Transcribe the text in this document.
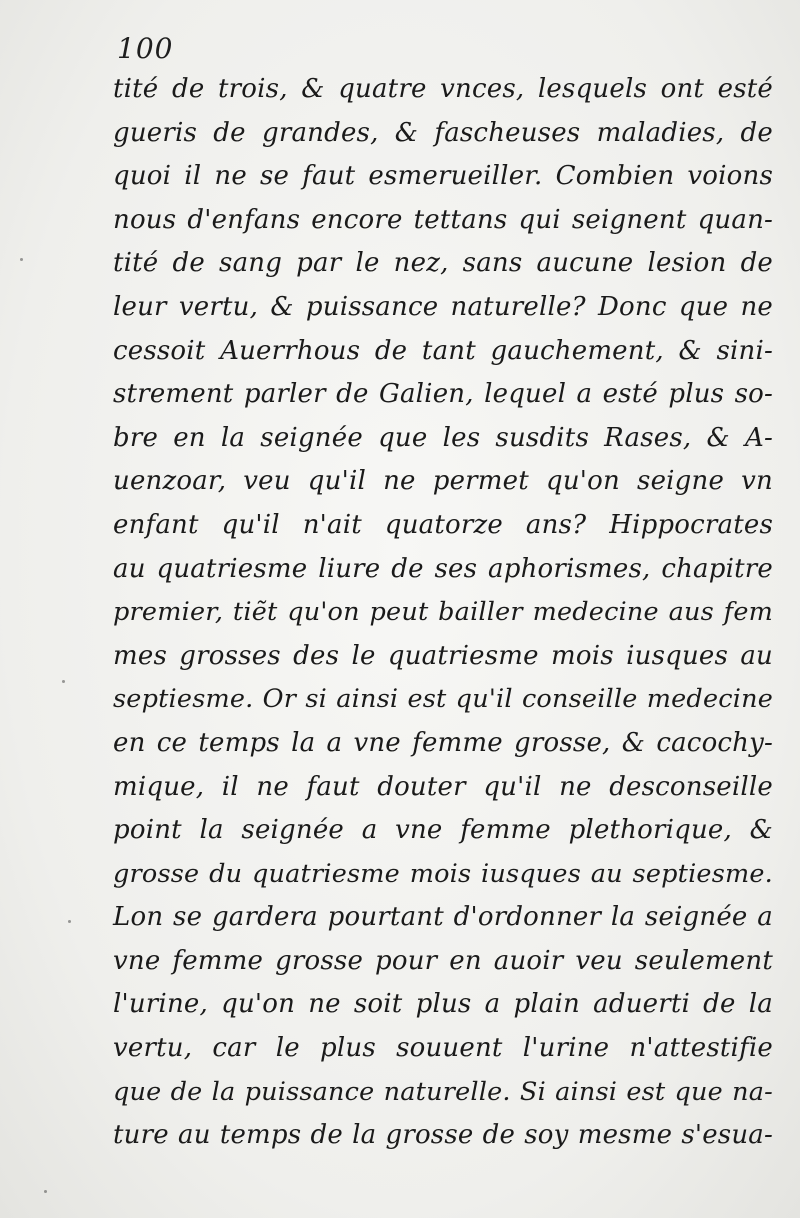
100
tité de trois, & quatre vnces, lesquels ont esté
gueris de grandes, & fascheuses maladies, de
quoi il ne se faut esmerueiller. Combien voions
nous d'enfans encore tettans qui seignent quan-
tité de sang par le nez, sans aucune lesion de
leur vertu, & puissance naturelle? Donc que ne
cessoit Auerrhous de tant gauchement, & sini-
strement parler de Galien, lequel a esté plus so-
bre en la seignée que les susdits Rases, & A-
uenzoar, veu qu'il ne permet qu'on seigne vn
enfant qu'il n'ait quatorze ans? Hippocrates
au quatriesme liure de ses aphorismes, chapitre
premier, tiẽt qu'on peut bailler medecine aus fem
mes grosses des le quatriesme mois iusques au
septiesme. Or si ainsi est qu'il conseille medecine
en ce temps la a vne femme grosse, & cacochy-
mique, il ne faut douter qu'il ne desconseille
point la seignée a vne femme plethorique, &
grosse du quatriesme mois iusques au septiesme.
Lon se gardera pourtant d'ordonner la seignée a
vne femme grosse pour en auoir veu seulement
l'urine, qu'on ne soit plus a plain aduerti de la
vertu, car le plus souuent l'urine n'attestifie
que de la puissance naturelle. Si ainsi est que na-
ture au temps de la grosse de soy mesme s'esua-
